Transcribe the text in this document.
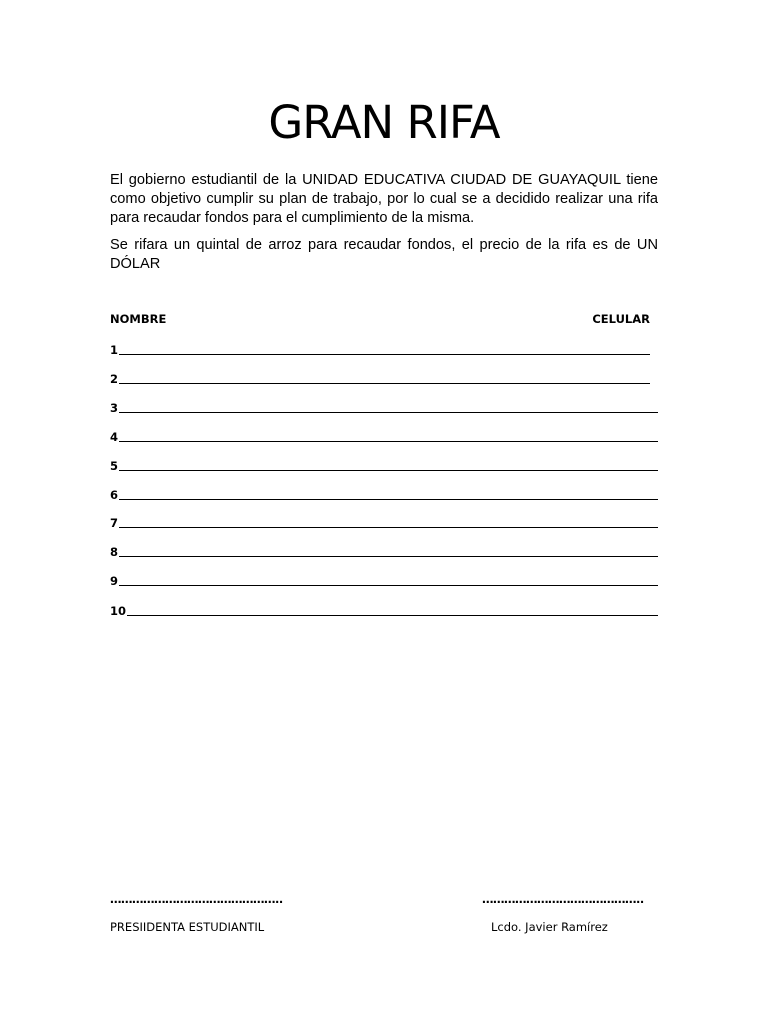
GRAN RIFA

El gobierno estudiantil de la UNIDAD EDUCATIVA CIUDAD DE GUAYAQUIL tiene como objetivo cumplir su plan de trabajo, por lo cual se a decidido realizar una rifa para recaudar fondos para el cumplimiento de la misma.

Se rifara un quintal de arroz para recaudar fondos, el precio de la rifa es de UN DÓLAR

NOMBRE	CELULAR
1
2
3
4
5
6
7
8
9
10
………………………………………..	……………………………………..
PRESIIDENTA ESTUDIANTIL	Lcdo. Javier Ramírez
